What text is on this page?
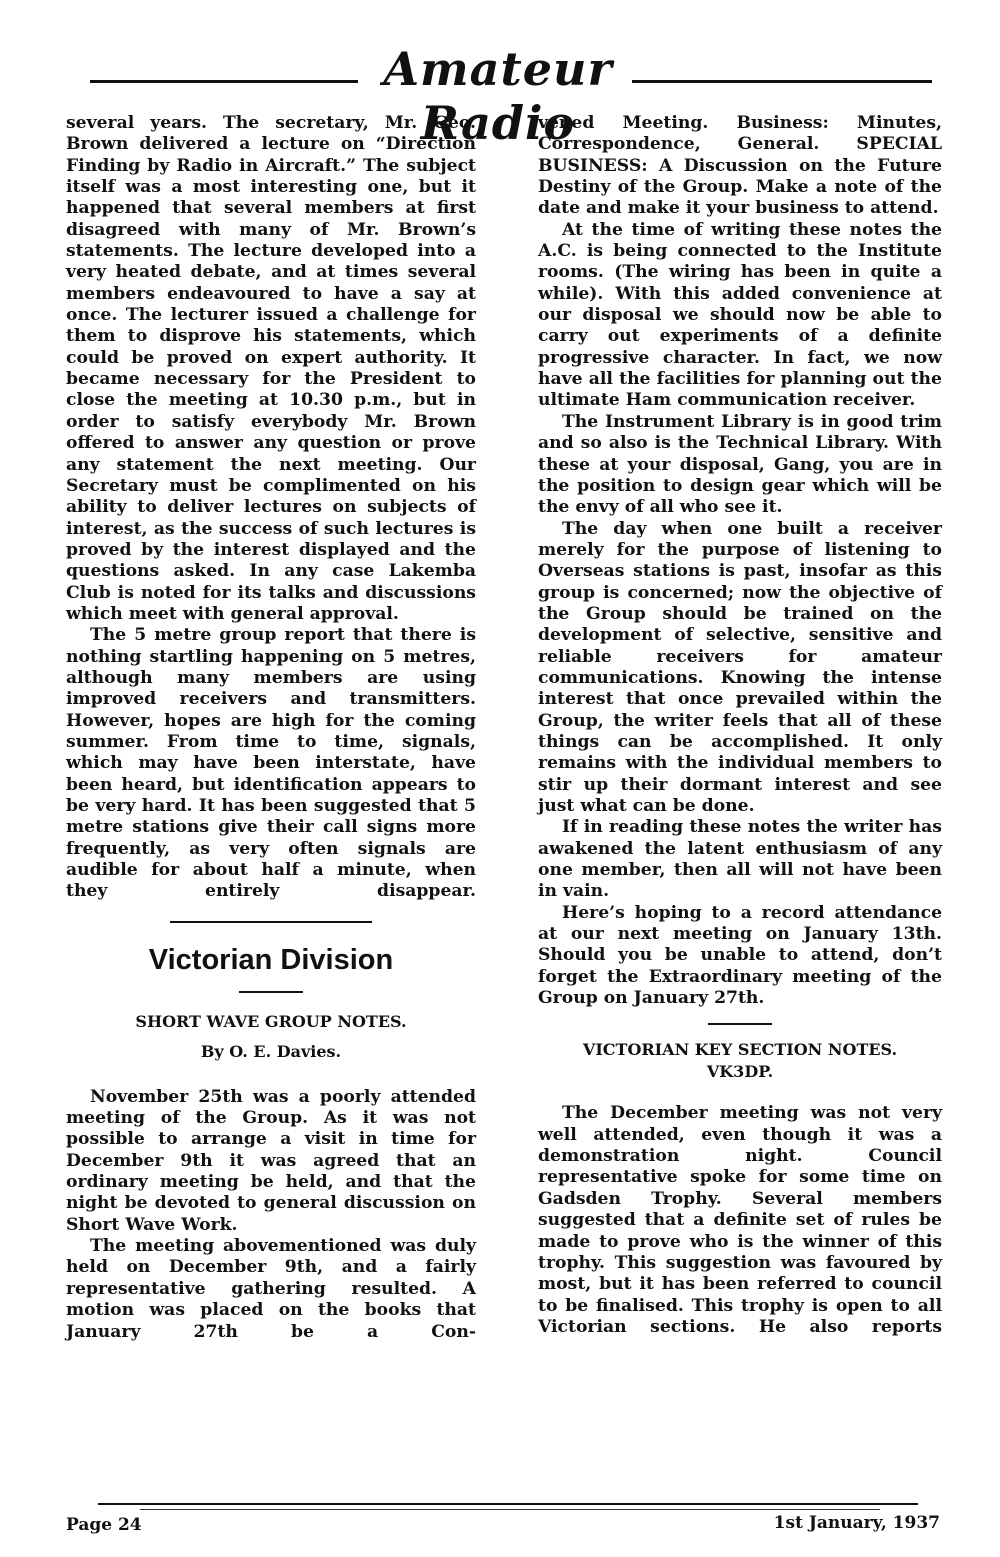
Amateur Radio

several years. The secretary, Mr. Geo. Brown delivered a lecture on “Direction Finding by Radio in Aircraft.” The subject itself was a most interesting one, but it happened that several members at first disagreed with many of Mr. Brown’s statements. The lecture developed into a very heated debate, and at times several members endeavoured to have a say at once. The lecturer issued a challenge for them to disprove his statements, which could be proved on expert authority. It became necessary for the President to close the meeting at 10.30 p.m., but in order to satisfy everybody Mr. Brown offered to answer any question or prove any statement the next meeting. Our Secretary must be complimented on his ability to deliver lectures on subjects of interest, as the success of such lectures is proved by the interest displayed and the questions asked. In any case Lakemba Club is noted for its talks and discussions which meet with general approval.

The 5 metre group report that there is nothing startling happening on 5 metres, although many members are using improved receivers and transmitters. However, hopes are high for the coming summer. From time to time, signals, which may have been interstate, have been heard, but identification appears to be very hard. It has been suggested that 5 metre stations give their call signs more frequently, as very often signals are audible for about half a minute, when they entirely disappear.

Victorian Division
SHORT WAVE GROUP NOTES.
By O. E. Davies.

November 25th was a poorly attended meeting of the Group. As it was not possible to arrange a visit in time for December 9th it was agreed that an ordinary meeting be held, and that the night be devoted to general discussion on Short Wave Work.

The meeting abovementioned was duly held on December 9th, and a fairly representative gathering resulted. A motion was placed on the books that January 27th be a Con-

vened Meeting. Business: Minutes, Correspondence, General. SPECIAL BUSINESS: A Discussion on the Future Destiny of the Group. Make a note of the date and make it your business to attend.

At the time of writing these notes the A.C. is being connected to the Institute rooms. (The wiring has been in quite a while). With this added convenience at our disposal we should now be able to carry out experiments of a definite progressive character. In fact, we now have all the facilities for planning out the ultimate Ham communication receiver.

The Instrument Library is in good trim and so also is the Technical Library. With these at your disposal, Gang, you are in the position to design gear which will be the envy of all who see it.

The day when one built a receiver merely for the purpose of listening to Overseas stations is past, insofar as this group is concerned; now the objective of the Group should be trained on the development of selective, sensitive and reliable receivers for amateur communications. Knowing the intense interest that once prevailed within the Group, the writer feels that all of these things can be accomplished. It only remains with the individual members to stir up their dormant interest and see just what can be done.

If in reading these notes the writer has awakened the latent enthusiasm of any one member, then all will not have been in vain.

Here’s hoping to a record attendance at our next meeting on January 13th. Should you be unable to attend, don’t forget the Extraordinary meeting of the Group on January 27th.

VICTORIAN KEY SECTION NOTES.
VK3DP.

The December meeting was not very well attended, even though it was a demonstration night. Council representative spoke for some time on Gadsden Trophy. Several members suggested that a definite set of rules be made to prove who is the winner of this trophy. This suggestion was favoured by most, but it has been referred to council to be finalised. This trophy is open to all Victorian sections. He also reports

Page 24	1st January, 1937
